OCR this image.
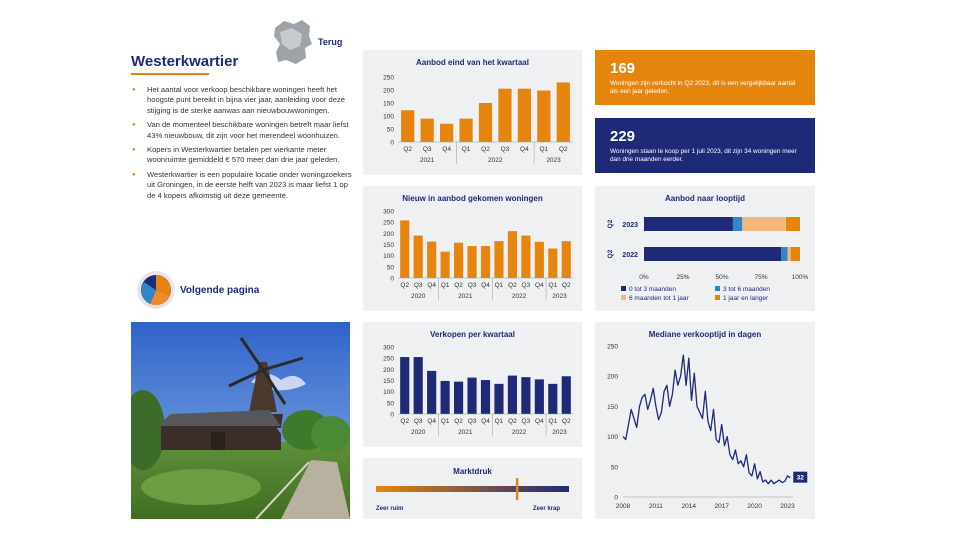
Terug
Westerkwartier
● Het aantal voor verkoop beschikbare woningen heeft het hoogste punt bereikt in bijna vier jaar, aanleiding voor deze stijging is de sterke aanwas aan nieuwbouwwoningen.
● Van de momenteel beschikbare woningen betreft maar liefst 43% nieuwbouw, dit zijn voor het merendeel woonhuizen.
● Kopers in Westerkwartier betalen per vierkante meter woonruimte gemiddeld € 570 meer dan drie jaar geleden.
● Westerkwartier is een populaire locatie onder woningzoekers uit Groningen, in de eerste helft van 2023 is maar liefst 1 op de 4 kopers afkomstig uit deze gemeente.
Volgende pagina
Aanbod eind van het kwartaal
0
50
100
150
200
250
Q2 Q3 Q4 Q1 Q2 Q3 Q4 Q1 Q2
2021	2022	2023
Nieuw in aanbod gekomen woningen
0
50
100
150
200
250
300
Q2 Q3 Q4 Q1 Q2 Q3 Q4 Q1 Q2 Q3 Q4 Q1 Q2
2020	2021	2022	2023
Verkopen per kwartaal
0
50
100
150
200
250
300
Q2 Q3 Q4 Q1 Q2 Q3 Q4 Q1 Q2 Q3 Q4 Q1 Q2
2020	2021	2022	2023
Marktdruk
Zeer ruim	Zeer krap
169
Woningen zijn verkocht in Q2 2023, dit is een vergelijkbaar aantal als een jaar geleden.
229
Woningen staan te koop per 1 juli 2023, dit zijn 34 woningen meer dan drie maanden eerder.
Aanbod naar looptijd
2023
Q2
2022
Q2
0%	25%	50%	75%	100%
0 tot 3 maanden	3 tot 6 maanden
6 maanden tot 1 jaar	1 jaar en langer
Mediane verkooptijd in dagen
0
50
100
150
200
250
2008	2011	2014	2017	2020	2023
32
